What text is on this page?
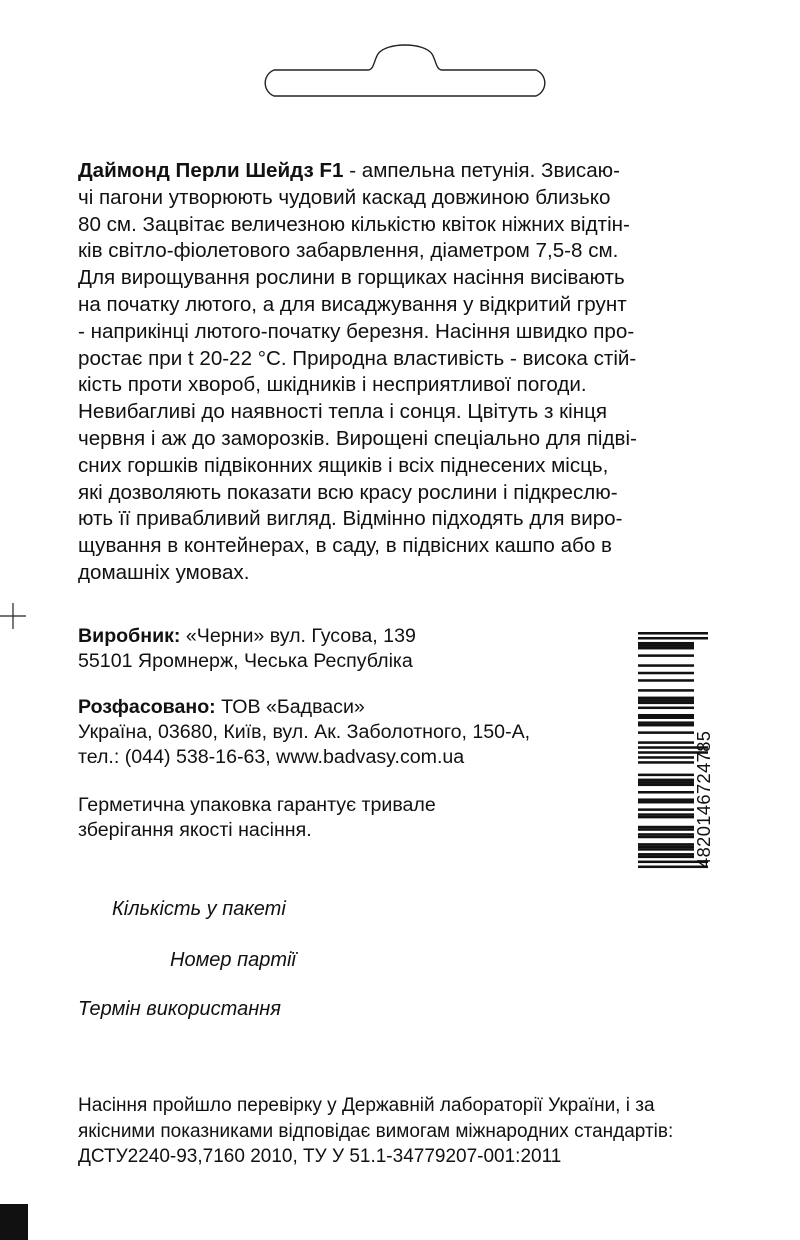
Даймонд Перли Шейдз F1 - ампельна петунія. Звисаю-
чі пагони утворюють чудовий каскад довжиною близько
80 см. Зацвітає величезною кількістю квіток ніжних відтін-
ків світло-фіолетового забарвлення, діаметром 7,5-8 см.
Для вирощування рослини в горщиках насіння висівають
на початку лютого, а для висаджування у відкритий грунт
- наприкінці лютого-початку березня. Насіння швидко про-
ростає при t 20-22 °С. Природна властивість - висока стій-
кість проти хвороб, шкідників і несприятливої погоди.
Невибагливі до наявності тепла і сонця. Цвітуть з кінця
червня і аж до заморозків. Вирощені спеціально для підві-
сних горшків підвіконних ящиків і всіх піднесених місць,
які дозволяють показати всю красу рослини і підкреслю-
ють її привабливий вигляд. Відмінно підходять для виро-
щування в контейнерах, в саду, в підвісних кашпо або в
домашніх умовах.
Виробник: «Черни» вул. Гусова, 139
55101 Яромнерж, Чеська Республіка
Розфасовано: ТОВ «Бадваси»
Україна, 03680, Київ, вул. Ак. Заболотного, 150-А,
тел.: (044) 538-16-63, www.badvasy.com.ua
Герметична упаковка гарантує тривале
зберігання якості насіння.	4820146724785
Кількість у пакеті
Номер партії
Термін використання
Насіння пройшло перевірку у Державній лабораторії України, і за
якісними показниками відповідає вимогам міжнародних стандартів:
ДСТУ2240-93,7160 2010, ТУ У 51.1-34779207-001:2011
